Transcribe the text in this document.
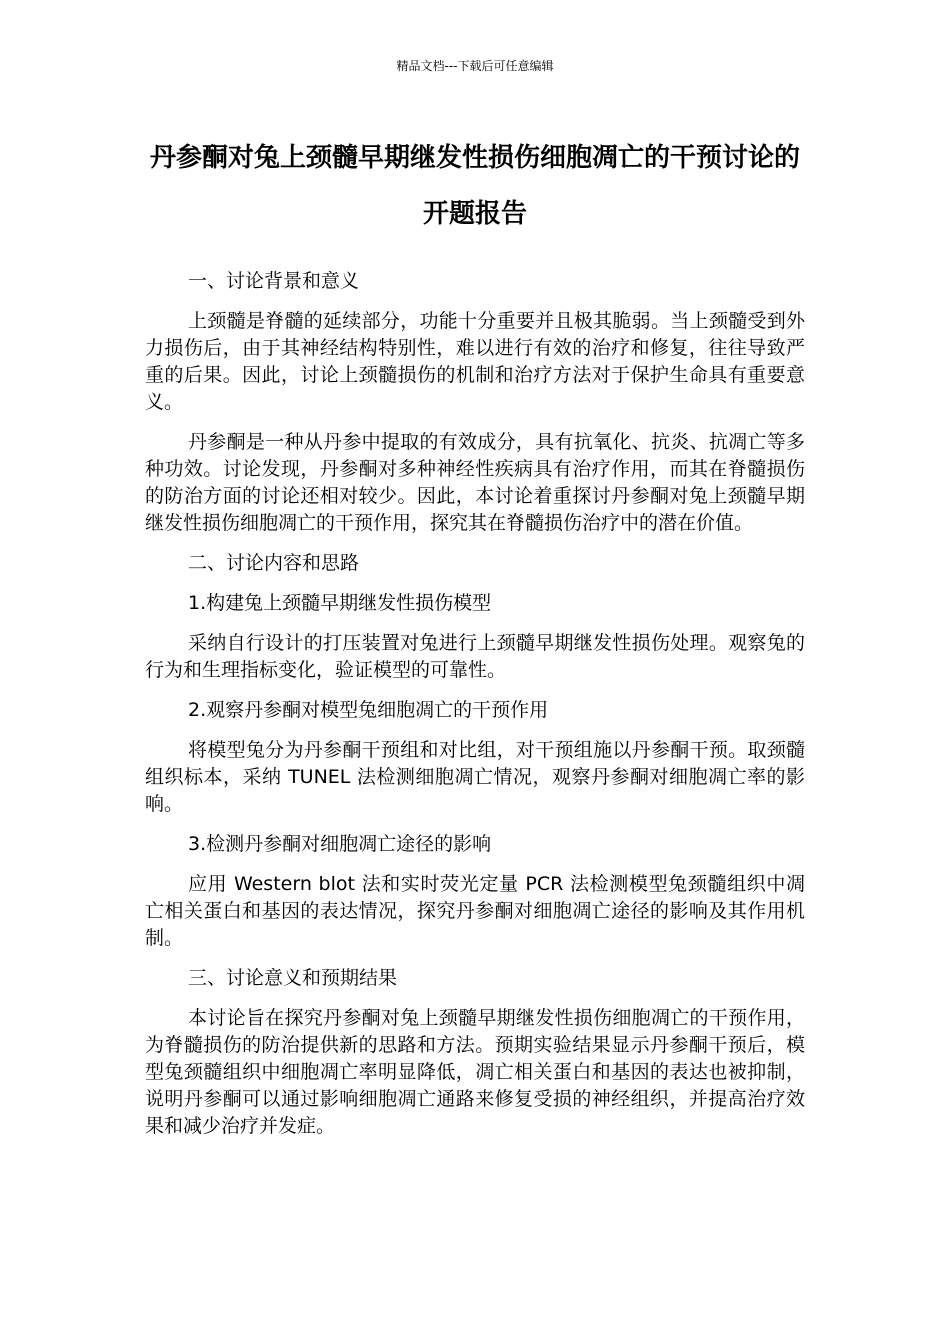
精品文档---下载后可任意编辑
丹参酮对兔上颈髓早期继发性损伤细胞凋亡的干预讨论的开题报告

一、讨论背景和意义

上颈髓是脊髓的延续部分，功能十分重要并且极其脆弱。当上颈髓受到外力损伤后，由于其神经结构特别性，难以进行有效的治疗和修复，往往导致严重的后果。因此，讨论上颈髓损伤的机制和治疗方法对于保护生命具有重要意义。

丹参酮是一种从丹参中提取的有效成分，具有抗氧化、抗炎、抗凋亡等多种功效。讨论发现，丹参酮对多种神经性疾病具有治疗作用，而其在脊髓损伤的防治方面的讨论还相对较少。因此，本讨论着重探讨丹参酮对兔上颈髓早期继发性损伤细胞凋亡的干预作用，探究其在脊髓损伤治疗中的潜在价值。

二、讨论内容和思路

1.构建兔上颈髓早期继发性损伤模型

采纳自行设计的打压装置对兔进行上颈髓早期继发性损伤处理。观察兔的行为和生理指标变化，验证模型的可靠性。

2.观察丹参酮对模型兔细胞凋亡的干预作用

将模型兔分为丹参酮干预组和对比组，对干预组施以丹参酮干预。取颈髓组织标本，采纳 TUNEL 法检测细胞凋亡情况，观察丹参酮对细胞凋亡率的影响。

3.检测丹参酮对细胞凋亡途径的影响

应用 Western blot 法和实时荧光定量 PCR 法检测模型兔颈髓组织中凋亡相关蛋白和基因的表达情况，探究丹参酮对细胞凋亡途径的影响及其作用机制。

三、讨论意义和预期结果

本讨论旨在探究丹参酮对兔上颈髓早期继发性损伤细胞凋亡的干预作用，为脊髓损伤的防治提供新的思路和方法。预期实验结果显示丹参酮干预后，模型兔颈髓组织中细胞凋亡率明显降低，凋亡相关蛋白和基因的表达也被抑制，说明丹参酮可以通过影响细胞凋亡通路来修复受损的神经组织，并提高治疗效果和减少治疗并发症。
